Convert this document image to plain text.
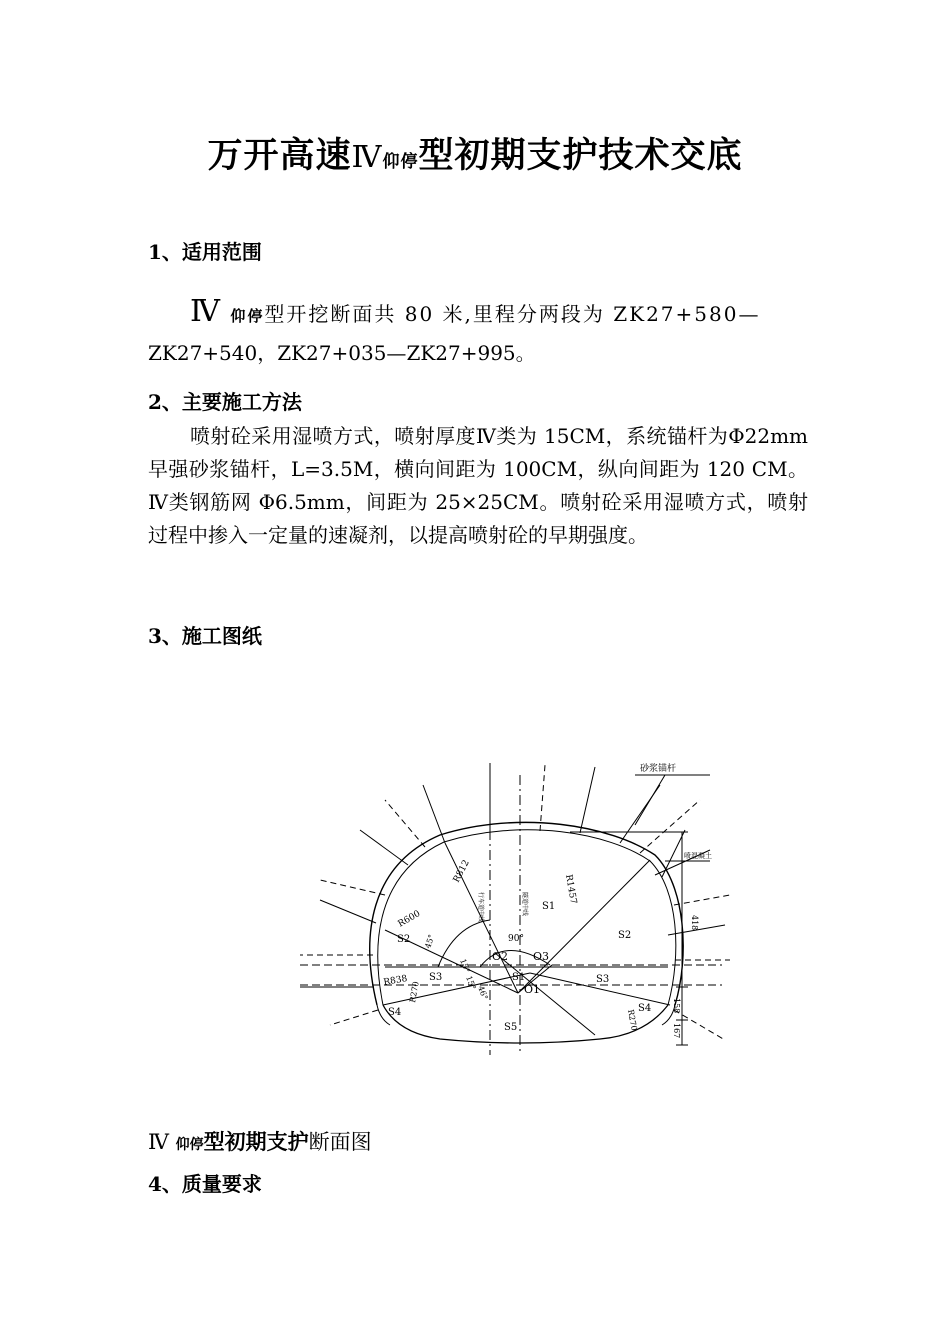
万开高速Ⅳ仰停型初期支护技术交底
1、适用范围
Ⅳ 仰停型开挖断面共 80 米,里程分两段为 ZK27+580—
ZK27+540，ZK27+035—ZK27+995。
2、主要施工方法
喷射砼采用湿喷方式，喷射厚度Ⅳ类为 15CM，系统锚杆为Φ22mm 早强砂浆锚杆，L=3.5M，横向间距为 100CM，纵向间距为 120 CM。Ⅳ类钢筋网 Φ6.5mm，间距为 25×25CM。喷射砼采用湿喷方式，喷射过程中掺入一定量的速凝剂，以提高喷射砼的早期强度。
3、施工图纸
砂浆锚杆
喷混凝土
R812
R1457
R600
R838 R270
R270
S1
S1
S2	S2
S3	S3
S4	S4
S5
O1
O2 O3
90°
45°
15°
15°
46°
418
158
167
行车道中线	隧道中线
Ⅳ 仰停型初期支护断面图
4、质量要求
